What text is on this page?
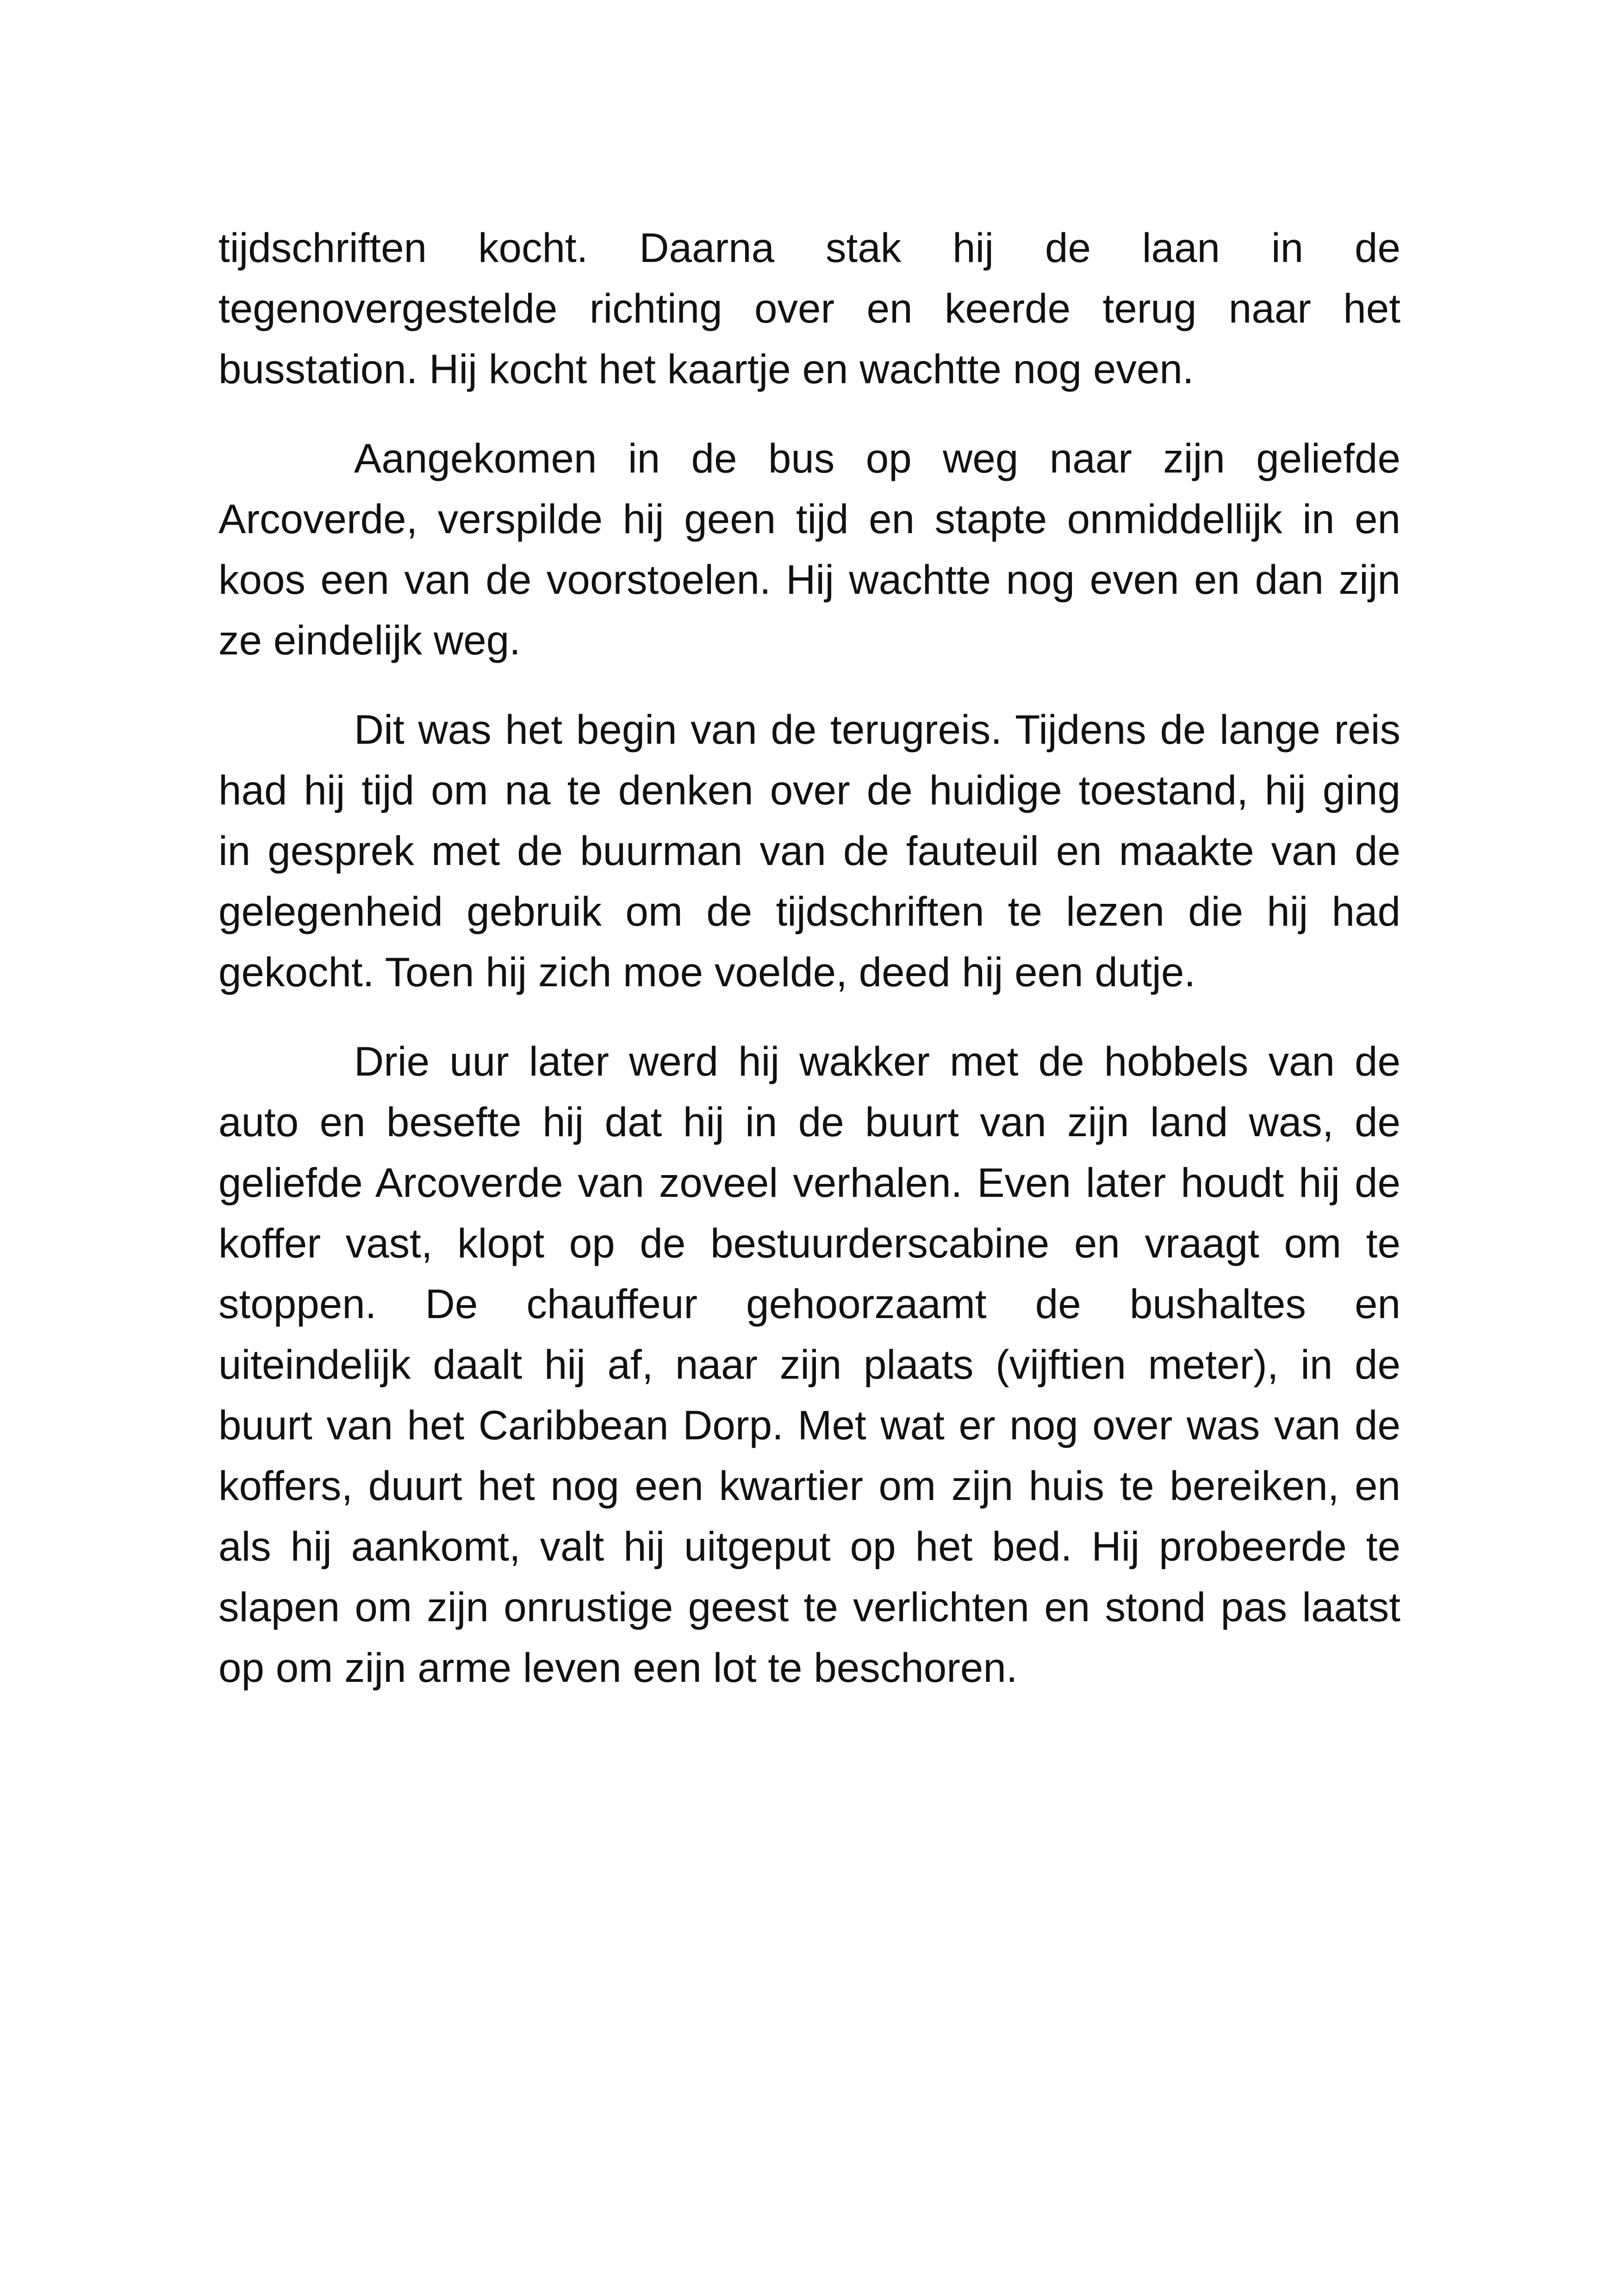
tijdschriften kocht. Daarna stak hij de laan in de
tegenovergestelde richting over en keerde terug naar het
busstation. Hij kocht het kaartje en wachtte nog even.
Aangekomen in de bus op weg naar zijn geliefde
Arcoverde, verspilde hij geen tijd en stapte onmiddellijk in en
koos een van de voorstoelen. Hij wachtte nog even en dan zijn
ze eindelijk weg.
Dit was het begin van de terugreis. Tijdens de lange reis
had hij tijd om na te denken over de huidige toestand, hij ging
in gesprek met de buurman van de fauteuil en maakte van de
gelegenheid gebruik om de tijdschriften te lezen die hij had
gekocht. Toen hij zich moe voelde, deed hij een dutje.
Drie uur later werd hij wakker met de hobbels van de
auto en besefte hij dat hij in de buurt van zijn land was, de
geliefde Arcoverde van zoveel verhalen. Even later houdt hij de
koffer vast, klopt op de bestuurderscabine en vraagt om te
stoppen. De chauffeur gehoorzaamt de bushaltes en
uiteindelijk daalt hij af, naar zijn plaats (vijftien meter), in de
buurt van het Caribbean Dorp. Met wat er nog over was van de
koffers, duurt het nog een kwartier om zijn huis te bereiken, en
als hij aankomt, valt hij uitgeput op het bed. Hij probeerde te
slapen om zijn onrustige geest te verlichten en stond pas laatst
op om zijn arme leven een lot te beschoren.
